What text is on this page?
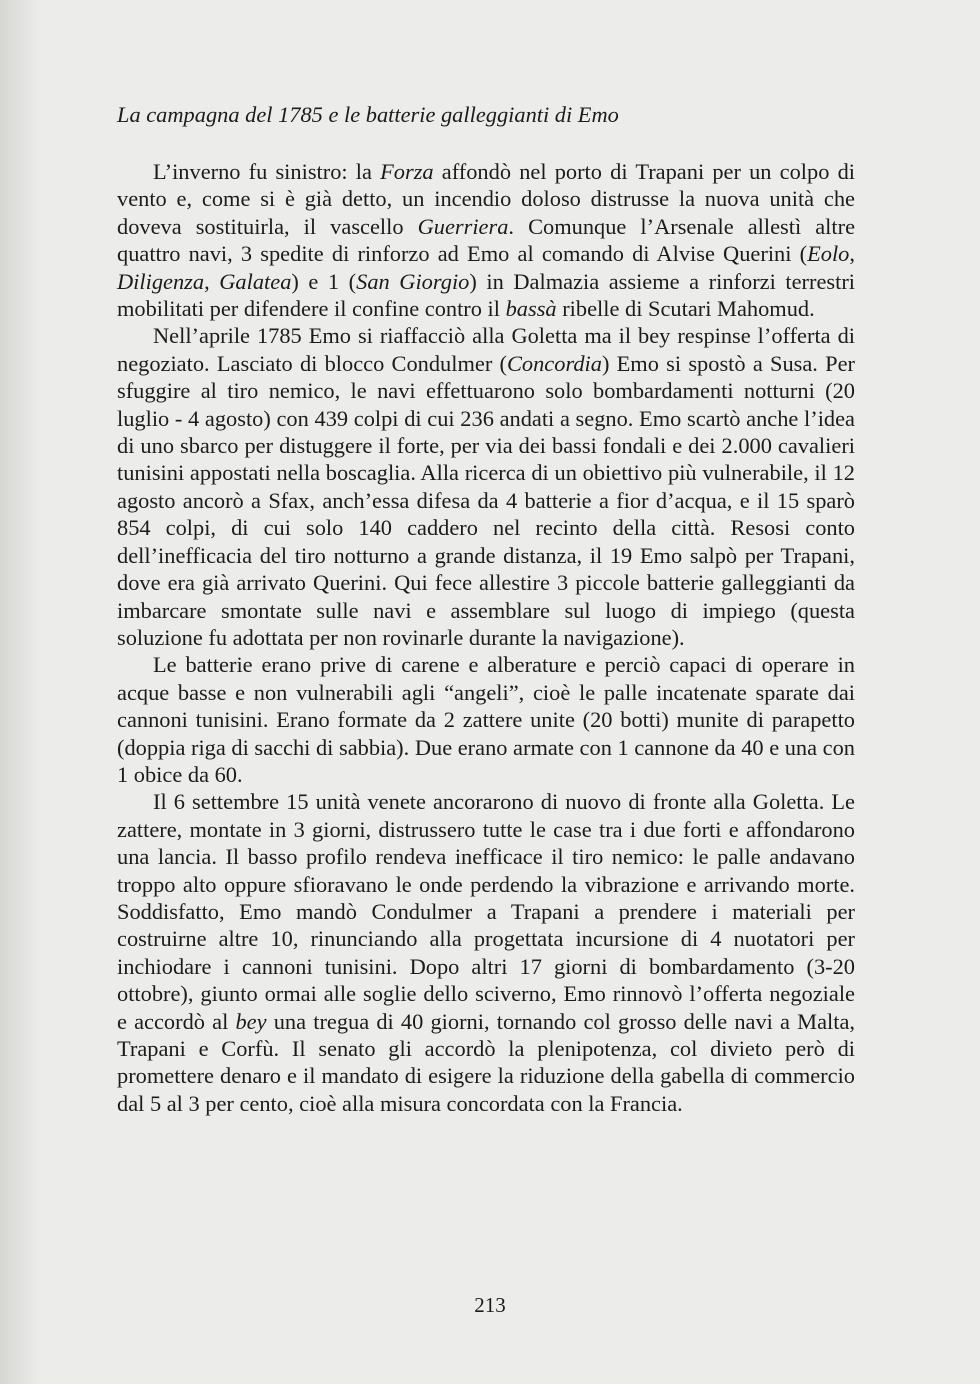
La campagna del 1785 e le batterie galleggianti di Emo

L’inverno fu sinistro: la Forza affondò nel porto di Trapani per un colpo di vento e, come si è già detto, un incendio doloso distrusse la nuova unità che doveva sostituirla, il vascello Guerriera. Comunque l’Arsenale allestì altre quattro navi, 3 spedite di rinforzo ad Emo al comando di Alvise Querini (Eolo, Diligenza, Galatea) e 1 (San Giorgio) in Dalmazia assieme a rinforzi terrestri mobilitati per difendere il confine contro il bassà ribelle di Scutari Mahomud.

Nell’aprile 1785 Emo si riaffacciò alla Goletta ma il bey respinse l’offerta di negoziato. Lasciato di blocco Condulmer (Concordia) Emo si spostò a Susa. Per sfuggire al tiro nemico, le navi effettuarono solo bombardamenti notturni (20 luglio - 4 agosto) con 439 colpi di cui 236 andati a segno. Emo scartò anche l’idea di uno sbarco per distuggere il forte, per via dei bassi fondali e dei 2.000 cavalieri tunisini appostati nella boscaglia. Alla ricerca di un obiettivo più vulnerabile, il 12 agosto ancorò a Sfax, anch’essa difesa da 4 batterie a fior d’acqua, e il 15 sparò 854 colpi, di cui solo 140 caddero nel recinto della città. Resosi conto dell’inefficacia del tiro notturno a grande distanza, il 19 Emo salpò per Trapani, dove era già arrivato Querini. Qui fece allestire 3 piccole batterie galleggianti da imbarcare smontate sulle navi e assemblare sul luogo di impiego (questa soluzione fu adottata per non rovinarle durante la navigazione).

Le batterie erano prive di carene e alberature e perciò capaci di operare in acque basse e non vulnerabili agli “angeli”, cioè le palle incatenate sparate dai cannoni tunisini. Erano formate da 2 zattere unite (20 botti) munite di parapetto (doppia riga di sacchi di sabbia). Due erano armate con 1 cannone da 40 e una con 1 obice da 60.

Il 6 settembre 15 unità venete ancorarono di nuovo di fronte alla Goletta. Le zattere, montate in 3 giorni, distrussero tutte le case tra i due forti e affondarono una lancia. Il basso profilo rendeva inefficace il tiro nemico: le palle andavano troppo alto oppure sfioravano le onde perdendo la vibrazione e arrivando morte. Soddisfatto, Emo mandò Condulmer a Trapani a prendere i materiali per costruirne altre 10, rinunciando alla progettata incursione di 4 nuotatori per inchiodare i cannoni tunisini. Dopo altri 17 giorni di bombardamento (3-20 ottobre), giunto ormai alle soglie dello sciverno, Emo rinnovò l’offerta negoziale e accordò al bey una tregua di 40 giorni, tornando col grosso delle navi a Malta, Trapani e Corfù. Il senato gli accordò la plenipotenza, col divieto però di promettere denaro e il mandato di esigere la riduzione della gabella di commercio dal 5 al 3 per cento, cioè alla misura concordata con la Francia.

213
